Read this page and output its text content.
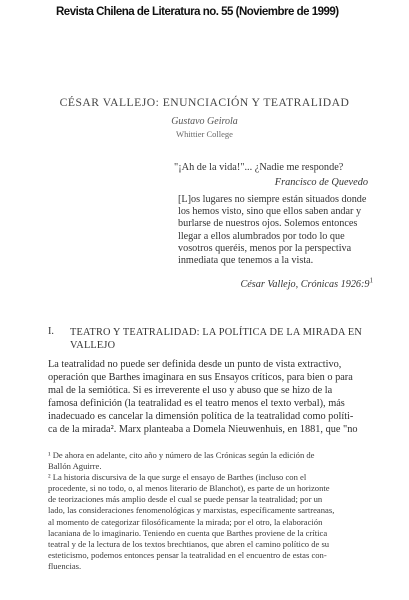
Revista Chilena de Literatura no. 55 (Noviembre de 1999)
CÉSAR VALLEJO: ENUNCIACIÓN Y TEATRALIDAD
Gustavo Geirola
Whittier College
"¡Ah de la vida!"... ¿Nadie me responde?
Francisco de Quevedo
[L]os lugares no siempre están situados donde
los hemos visto, sino que ellos saben andar y
burlarse de nuestros ojos. Solemos entonces
llegar a ellos alumbrados por todo lo que
vosotros queréis, menos por la perspectiva
inmediata que tenemos a la vista.
César Vallejo, Crónicas $1926:9^1$
I. TEATRO Y TEATRALIDAD: LA POLÍTICA DE LA MIRADA EN VALLEJO
La teatralidad no puede ser definida desde un punto de vista extractivo,
operación que Barthes imaginara en sus Ensayos críticos, para bien o para
mal de la semiótica. Si es irreverente el uso y abuso que se hizo de la
famosa definición (la teatralidad es el teatro menos el texto verbal), más
inadecuado es cancelar la dimensión política de la teatralidad como políti-
ca de la mirada². Marx planteaba a Domela Nieuwenhuis, en 1881, que "no
¹ De ahora en adelante, cito año y número de las Crónicas según la edición de
Ballón Aguirre.
² La historia discursiva de la que surge el ensayo de Barthes (incluso con el
procedente, si no todo, o, al menos literario de Blanchot), es parte de un horizonte
de teorizaciones más amplio desde el cual se puede pensar la teatralidad; por un
lado, las consideraciones fenomenológicas y marxistas, específicamente sartreanas,
al momento de categorizar filosóficamente la mirada; por el otro, la elaboración
lacaniana de lo imaginario. Teniendo en cuenta que Barthes proviene de la crítica
teatral y de la lectura de los textos brechtianos, que abren el camino político de su
esteticismo, podemos entonces pensar la teatralidad en el encuentro de estas con-
fluencias.
